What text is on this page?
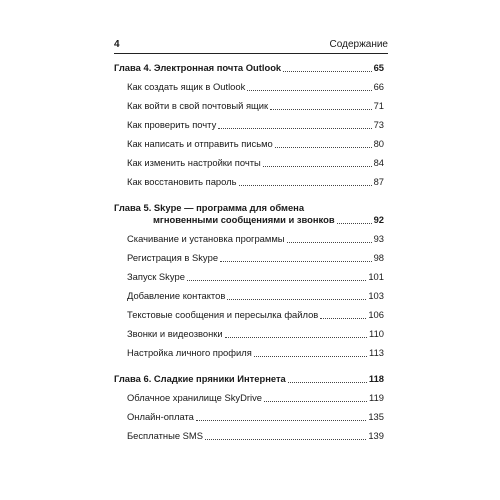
4	Содержание
Глава 4. Электронная почта Outlook	65
Как создать ящик в Outlook	66
Как войти в свой почтовый ящик	71
Как проверить почту	73
Как написать и отправить письмо	80
Как изменить настройки почты	84
Как восстановить пароль	87
Глава 5. Skype — программа для обмена
мгновенными сообщениями и звонков	92
Скачивание и установка программы	93
Регистрация в Skype	98
Запуск Skype	101
Добавление контактов	103
Текстовые сообщения и пересылка файлов	106
Звонки и видеозвонки	110
Настройка личного профиля	113
Глава 6. Сладкие пряники Интернета	118
Облачное хранилище SkyDrive	119
Онлайн-оплата	135
Бесплатные SMS	139
